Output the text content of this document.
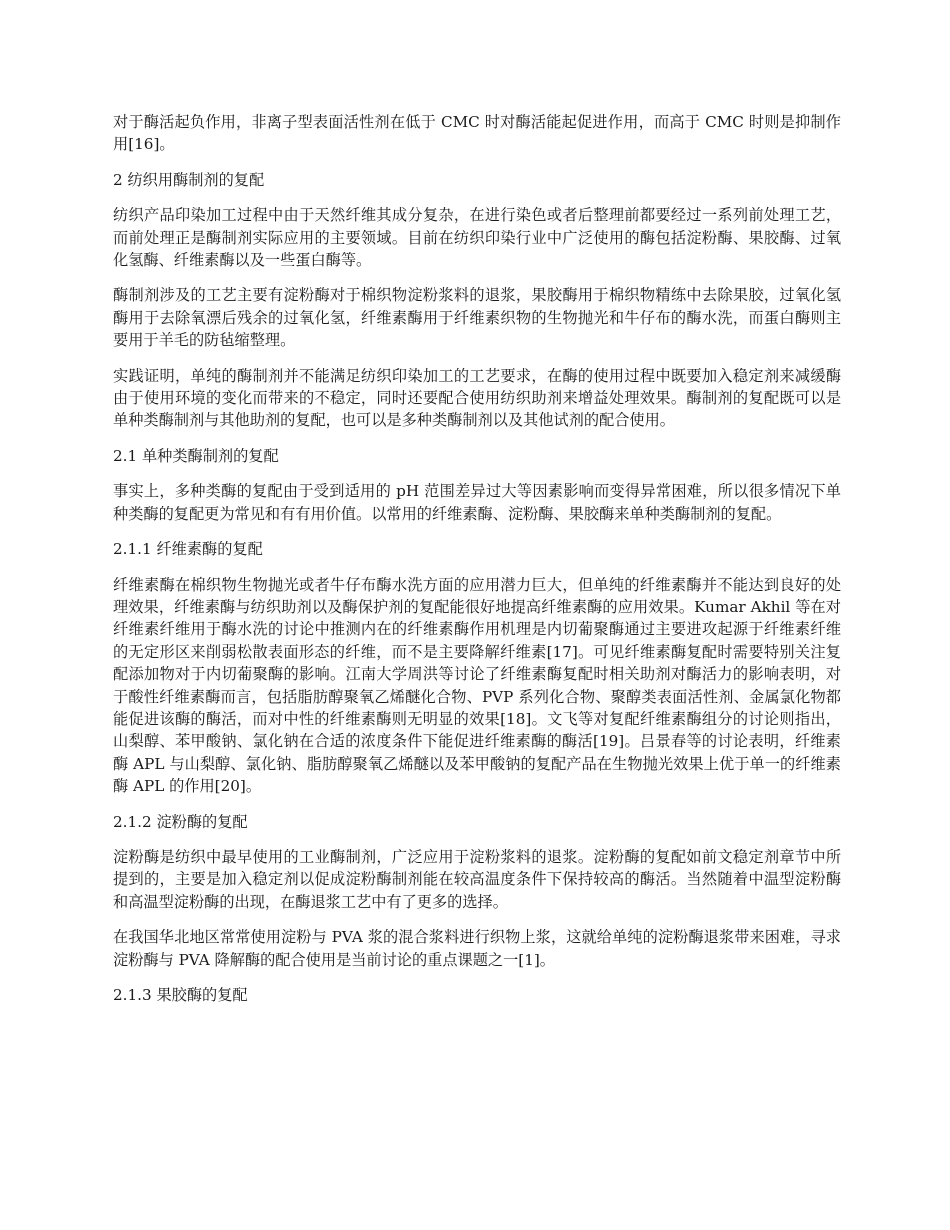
对于酶活起负作用，非离子型表面活性剂在低于 CMC 时对酶活能起促进作用，而高于 CMC 时则是抑制作用[16]。

2 纺织用酶制剂的复配

纺织产品印染加工过程中由于天然纤维其成分复杂，在进行染色或者后整理前都要经过一系列前处理工艺，而前处理正是酶制剂实际应用的主要领域。目前在纺织印染行业中广泛使用的酶包括淀粉酶、果胶酶、过氧化氢酶、纤维素酶以及一些蛋白酶等。

酶制剂涉及的工艺主要有淀粉酶对于棉织物淀粉浆料的退浆，果胶酶用于棉织物精练中去除果胶，过氧化氢酶用于去除氧漂后残余的过氧化氢，纤维素酶用于纤维素织物的生物抛光和牛仔布的酶水洗，而蛋白酶则主要用于羊毛的防毡缩整理。

实践证明，单纯的酶制剂并不能满足纺织印染加工的工艺要求，在酶的使用过程中既要加入稳定剂来减缓酶由于使用环境的变化而带来的不稳定，同时还要配合使用纺织助剂来增益处理效果。酶制剂的复配既可以是单种类酶制剂与其他助剂的复配，也可以是多种类酶制剂以及其他试剂的配合使用。

2.1 单种类酶制剂的复配

事实上，多种类酶的复配由于受到适用的 pH 范围差异过大等因素影响而变得异常困难，所以很多情况下单种类酶的复配更为常见和有有用价值。以常用的纤维素酶、淀粉酶、果胶酶来单种类酶制剂的复配。

2.1.1 纤维素酶的复配

纤维素酶在棉织物生物抛光或者牛仔布酶水洗方面的应用潜力巨大，但单纯的纤维素酶并不能达到良好的处理效果，纤维素酶与纺织助剂以及酶保护剂的复配能很好地提高纤维素酶的应用效果。Kumar Akhil 等在对纤维素纤维用于酶水洗的讨论中推测内在的纤维素酶作用机理是内切葡聚酶通过主要进攻起源于纤维素纤维的无定形区来削弱松散表面形态的纤维，而不是主要降解纤维素[17]。可见纤维素酶复配时需要特别关注复配添加物对于内切葡聚酶的影响。江南大学周洪等讨论了纤维素酶复配时相关助剂对酶活力的影响表明，对于酸性纤维素酶而言，包括脂肪醇聚氧乙烯醚化合物、PVP 系列化合物、聚醇类表面活性剂、金属氯化物都能促进该酶的酶活，而对中性的纤维素酶则无明显的效果[18]。文飞等对复配纤维素酶组分的讨论则指出，山梨醇、苯甲酸钠、氯化钠在合适的浓度条件下能促进纤维素酶的酶活[19]。吕景春等的讨论表明，纤维素酶 APL 与山梨醇、氯化钠、脂肪醇聚氧乙烯醚以及苯甲酸钠的复配产品在生物抛光效果上优于单一的纤维素酶 APL 的作用[20]。

2.1.2 淀粉酶的复配

淀粉酶是纺织中最早使用的工业酶制剂，广泛应用于淀粉浆料的退浆。淀粉酶的复配如前文稳定剂章节中所提到的，主要是加入稳定剂以促成淀粉酶制剂能在较高温度条件下保持较高的酶活。当然随着中温型淀粉酶和高温型淀粉酶的出现，在酶退浆工艺中有了更多的选择。

在我国华北地区常常使用淀粉与 PVA 浆的混合浆料进行织物上浆，这就给单纯的淀粉酶退浆带来困难，寻求淀粉酶与 PVA 降解酶的配合使用是当前讨论的重点课题之一[1]。

2.1.3 果胶酶的复配
